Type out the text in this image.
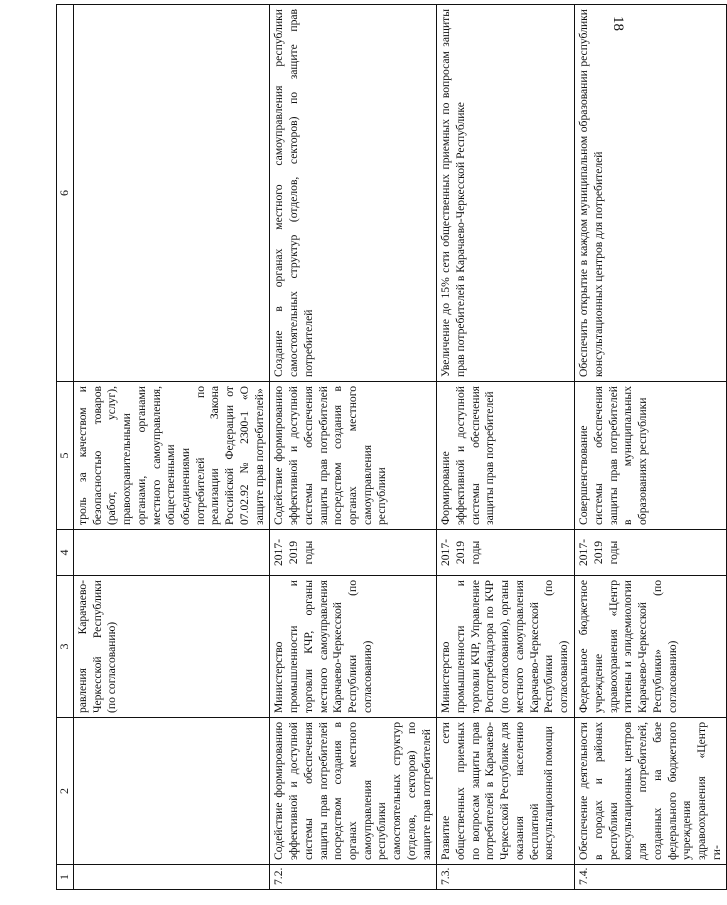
18
1	2	3	4	5	6
		равления Карачаево-Черкесской Республики (по согласованию)		троль за качеством и безопасностью товаров (работ, услуг), правоохранительными органами, органами местного самоуправления, общественными объединениями потребителей по реализации Закона Российской Федерации от 07.02.92 № 2300-1 «О защите прав потребителей»	
7.2.	Содействие формированию эффективной и доступной системы обеспечения защиты прав потребителей посредством создания в органах местного самоуправления республики самостоятельных структур (отделов, секторов) по защите прав потребителей	Министерство промышленности и торговли КЧР, органы местного самоуправления Карачаево-Черкесской Республики (по согласованию)	2017-2019 годы	Содействие формированию эффективной и доступной системы обеспечения защиты прав потребителей посредством создания в органах местного самоуправления республики	Создание в органах местного самоуправления республики самостоятельных структур (отделов, секторов) по защите прав потребителей
7.3.	Развитие сети общественных приемных по вопросам защиты прав потребителей в Карачаево-Черкесской Республике для оказания населению бесплатной консультационной помощи	Министерство промышленности и торговли КЧР, Управление Роспотребнадзора по КЧР (по согласованию), органы местного самоуправления Карачаево-Черкесской Республики (по согласованию)	2017-2019 годы	Формирование эффективной и доступной системы обеспечения защиты прав потребителей	Увеличение до 15% сети общественных приемных по вопросам защиты прав потребителей в Карачаево-Черкесской Республике
7.4.	Обеспечение деятельности в городах и районах республики консультационных центров для потребителей, созданных на базе федерального бюджетного учреждения здравоохранения «Центр ги-	Федеральное бюджетное учреждение здравоохранения «Центр гигиены и эпидемиологии Карачаево-Черкесской Республики» (по согласованию)	2017-2019 годы	Совершенствование системы обеспечения защиты прав потребителей в муниципальных образованиях республики	Обеспечить открытие в каждом муниципальном образовании республики консультационных центров для потребителей
